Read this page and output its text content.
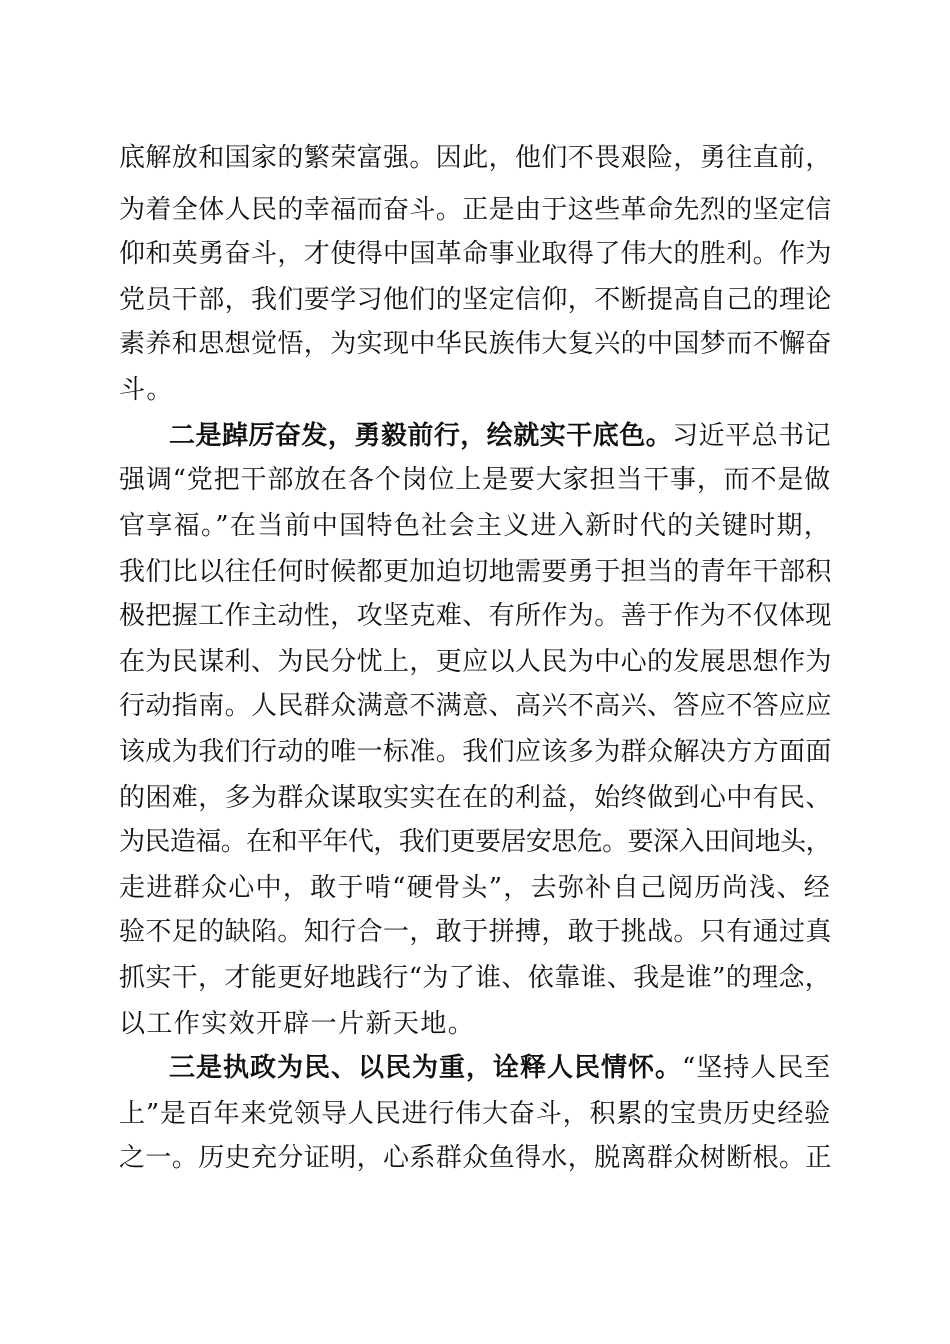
底解放和国家的繁荣富强。因此，他们不畏艰险，勇往直前，
为着全体人民的幸福而奋斗。正是由于这些革命先烈的坚定信
仰和英勇奋斗，才使得中国革命事业取得了伟大的胜利。作为
党员干部，我们要学习他们的坚定信仰，不断提高自己的理论
素养和思想觉悟，为实现中华民族伟大复兴的中国梦而不懈奋
斗。
二是踔厉奋发，勇毅前行，绘就实干底色。习近平总书记
强调“党把干部放在各个岗位上是要大家担当干事，而不是做
官享福。”在当前中国特色社会主义进入新时代的关键时期，
我们比以往任何时候都更加迫切地需要勇于担当的青年干部积
极把握工作主动性，攻坚克难、有所作为。善于作为不仅体现
在为民谋利、为民分忧上，更应以人民为中心的发展思想作为
行动指南。人民群众满意不满意、高兴不高兴、答应不答应应
该成为我们行动的唯一标准。我们应该多为群众解决方方面面
的困难，多为群众谋取实实在在的利益，始终做到心中有民、
为民造福。在和平年代，我们更要居安思危。要深入田间地头，
走进群众心中，敢于啃“硬骨头”，去弥补自己阅历尚浅、经
验不足的缺陷。知行合一，敢于拼搏，敢于挑战。只有通过真
抓实干，才能更好地践行“为了谁、依靠谁、我是谁”的理念，
以工作实效开辟一片新天地。
三是执政为民、以民为重，诠释人民情怀。“坚持人民至
上”是百年来党领导人民进行伟大奋斗，积累的宝贵历史经验
之一。历史充分证明，心系群众鱼得水，脱离群众树断根。正
